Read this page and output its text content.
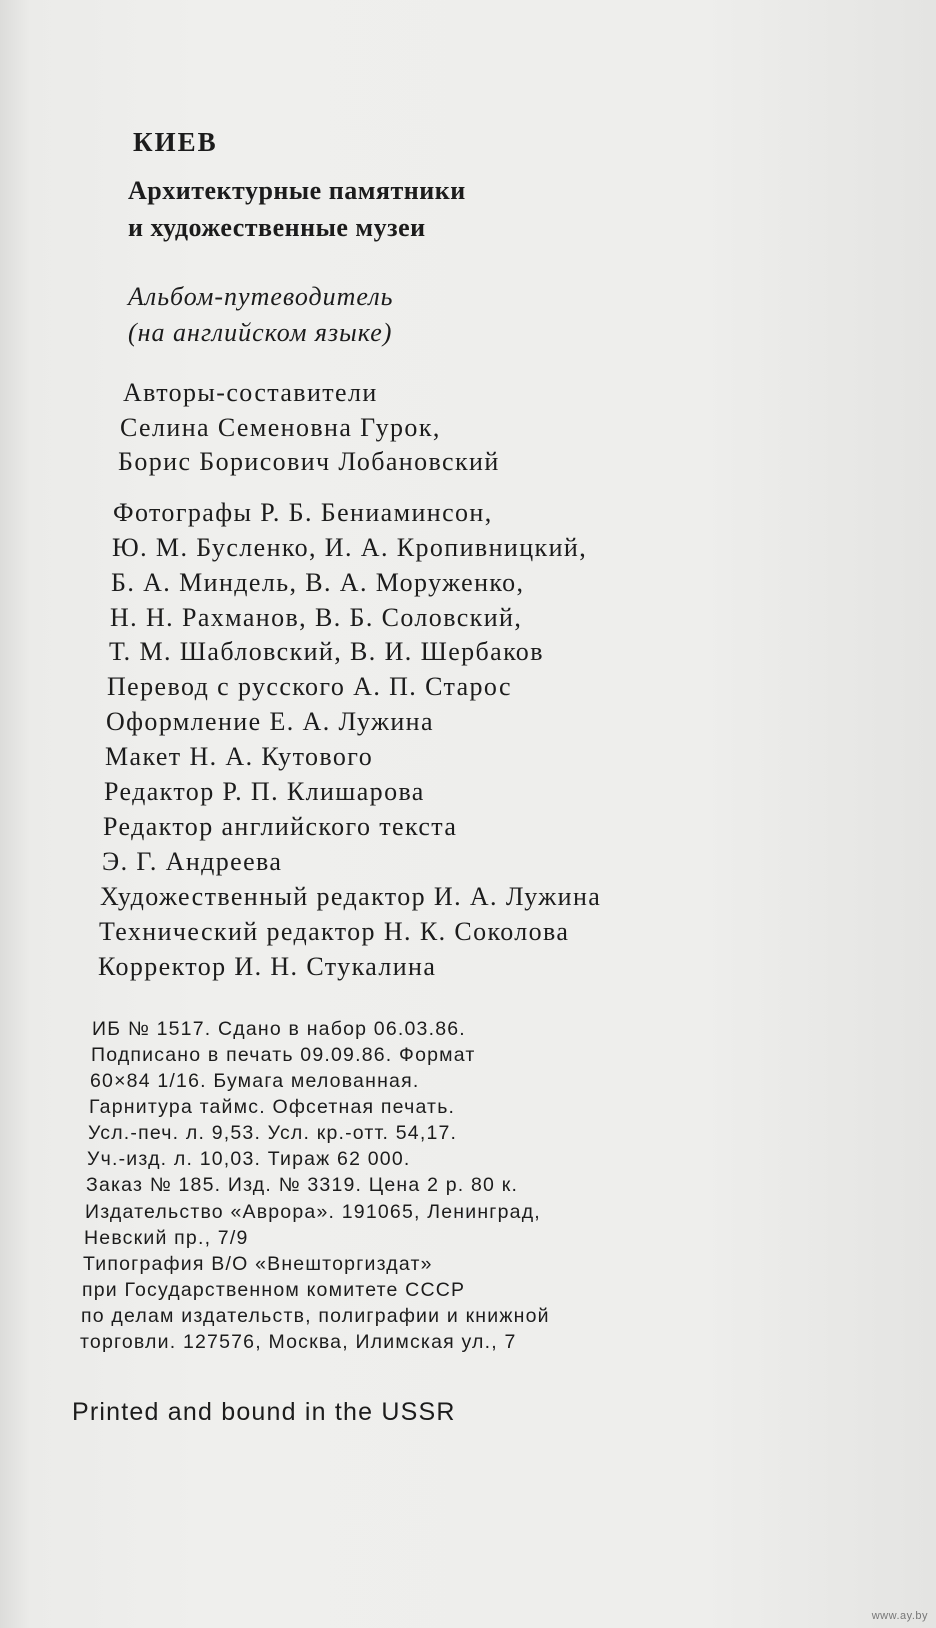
КИЕВ
Архитектурные памятники
и художественные музеи
Альбом-путеводитель
(на английском языке)
Авторы-составители
Селина Семеновна Гурок,
Борис Борисович Лобановский
Фотографы Р. Б. Бениаминсон,
Ю. М. Бусленко, И. А. Кропивницкий,
Б. А. Миндель, В. А. Моруженко,
Н. Н. Рахманов, В. Б. Соловский,
Т. М. Шабловский, В. И. Шербаков
Перевод с русского А. П. Старос
Оформление Е. А. Лужина
Макет Н. А. Кутового
Редактор Р. П. Клишарова
Редактор английского текста
Э. Г. Андреева
Художественный редактор И. А. Лужина
Технический редактор Н. К. Соколова
Корректор И. Н. Стукалина
ИБ № 1517. Сдано в набор 06.03.86.
Подписано в печать 09.09.86. Формат
60×84 1/16. Бумага мелованная.
Гарнитура таймс. Офсетная печать.
Усл.-печ. л. 9,53. Усл. кр.-отт. 54,17.
Уч.-изд. л. 10,03. Тираж 62 000.
Заказ № 185. Изд. № 3319. Цена 2 р. 80 к.
Издательство «Аврора». 191065, Ленинград,
Невский пр., 7/9
Типография В/О «Внешторгиздат»
при Государственном комитете СССР
по делам издательств, полиграфии и книжной
торговли. 127576, Москва, Илимская ул., 7
Printed and bound in the USSR
www.ay.by
